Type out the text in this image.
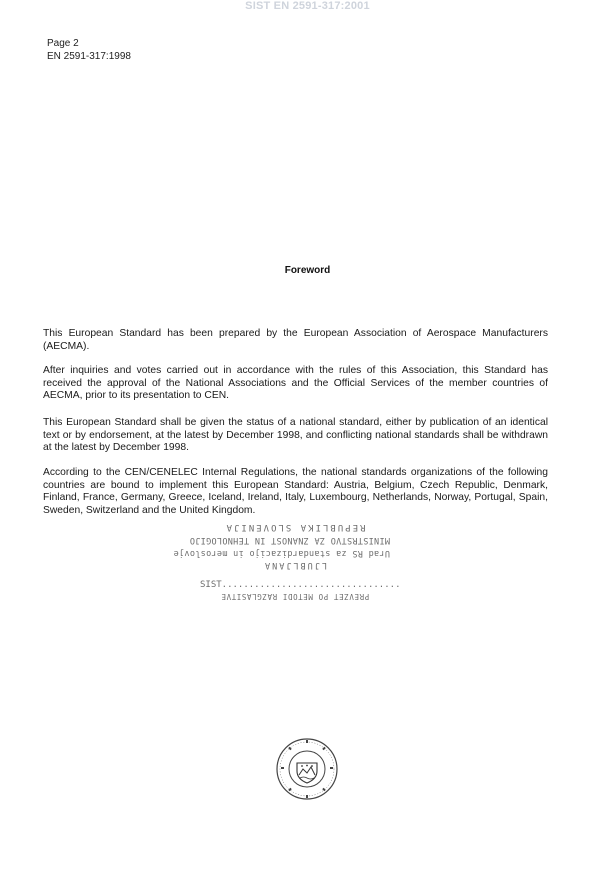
SIST EN 2591-317:2001
Page 2
EN 2591-317:1998
Foreword

This European Standard has been prepared by the European Association of Aerospace Manufacturers (AECMA).

After inquiries and votes carried out in accordance with the rules of this Association, this Standard has received the approval of the National Associations and the Official Services of the member countries of AECMA, prior to its presentation to CEN.

This European Standard shall be given the status of a national standard, either by publication of an identical text or by endorsement, at the latest by December 1998, and conflicting national standards shall be withdrawn at the latest by December 1998.

According to the CEN/CENELEC Internal Regulations, the national standards organizations of the following countries are bound to implement this European Standard: Austria, Belgium, Czech Republic, Denmark, Finland, France, Germany, Greece, Iceland, Ireland, Italy, Luxembourg, Netherlands, Norway, Portugal, Spain, Sweden, Switzerland and the United Kingdom.

REPUBLIKA SLOVENIJA
MINISTRSTVO ZA ZNANOST IN TEHNOLOGIJO
Urad RS za standardizacijo in meroslovje
LJUBLJANA
SIST.................................
PREVZET PO METODI RAZGLASITVE
